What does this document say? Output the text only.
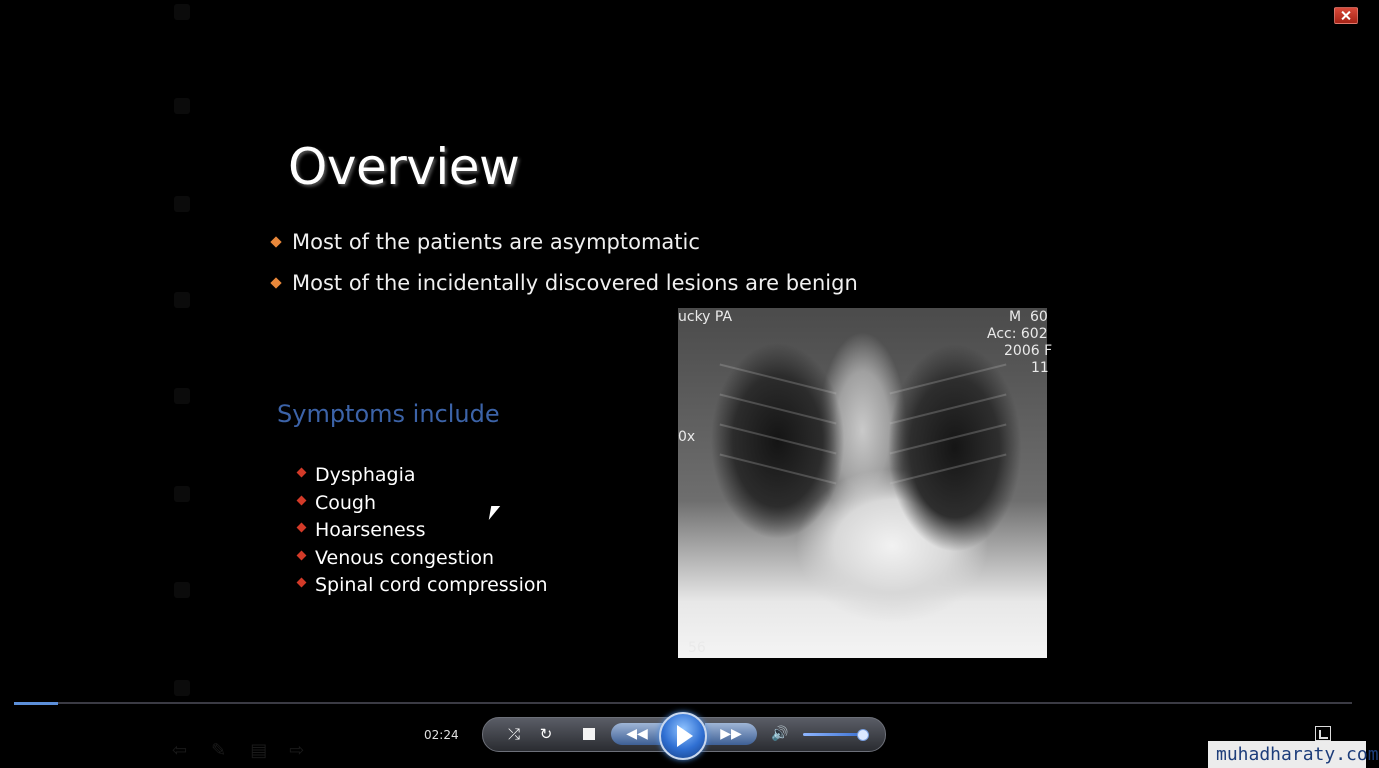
Overview
Most of the patients are asymptomatic
Most of the incidentally discovered lesions are benign
Symptoms include
Dysphagia
Cough
Hoarseness
Venous congestion
Spinal cord compression
ucky PA	M  60
Acc: 602
2006 F
11
0x
56
02:24	⤮	↻	◀◀	▶▶	🔊
⇦ ✎ ▤ ⇨	muhadharaty.com
